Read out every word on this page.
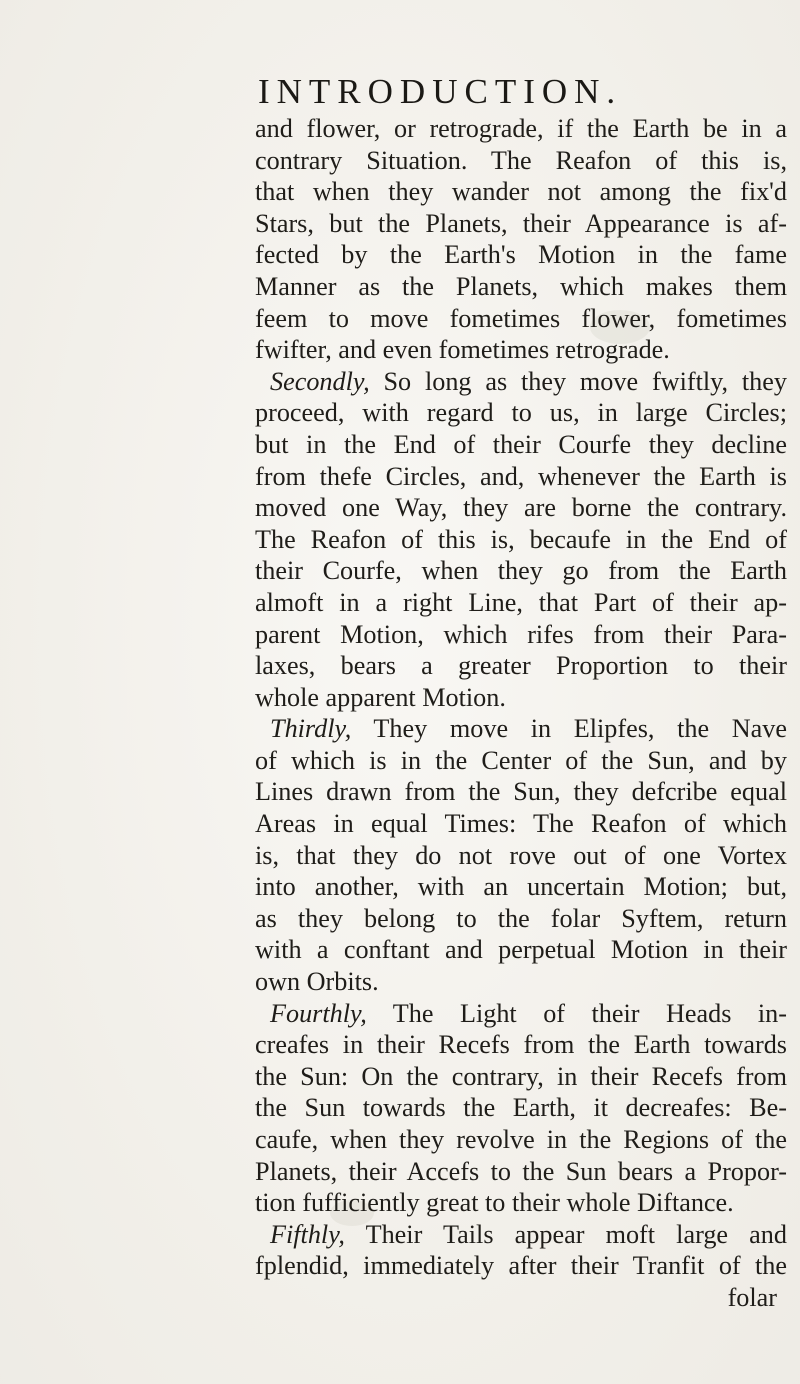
INTRODUCTION.
and flower, or retrograde, if the Earth be in a
contrary Situation. The Reafon of this is,
that when they wander not among the fix'd
Stars, but the Planets, their Appearance is af-
fected by the Earth's Motion in the fame
Manner as the Planets, which makes them
feem to move fometimes flower, fometimes
fwifter, and even fometimes retrograde.
Secondly, So long as they move fwiftly, they
proceed, with regard to us, in large Circles;
but in the End of their Courfe they decline
from thefe Circles, and, whenever the Earth is
moved one Way, they are borne the contrary.
The Reafon of this is, becaufe in the End of
their Courfe, when they go from the Earth
almoft in a right Line, that Part of their ap-
parent Motion, which rifes from their Para-
laxes, bears a greater Proportion to their
whole apparent Motion.
Thirdly, They move in Elipfes, the Nave
of which is in the Center of the Sun, and by
Lines drawn from the Sun, they defcribe equal
Areas in equal Times: The Reafon of which
is, that they do not rove out of one Vortex
into another, with an uncertain Motion; but,
as they belong to the folar Syftem, return
with a conftant and perpetual Motion in their
own Orbits.
Fourthly, The Light of their Heads in-
creafes in their Recefs from the Earth towards
the Sun: On the contrary, in their Recefs from
the Sun towards the Earth, it decreafes: Be-
caufe, when they revolve in the Regions of the
Planets, their Accefs to the Sun bears a Propor-
tion fufficiently great to their whole Diftance.
Fifthly, Their Tails appear moft large and
fplendid, immediately after their Tranfit of the
folar
